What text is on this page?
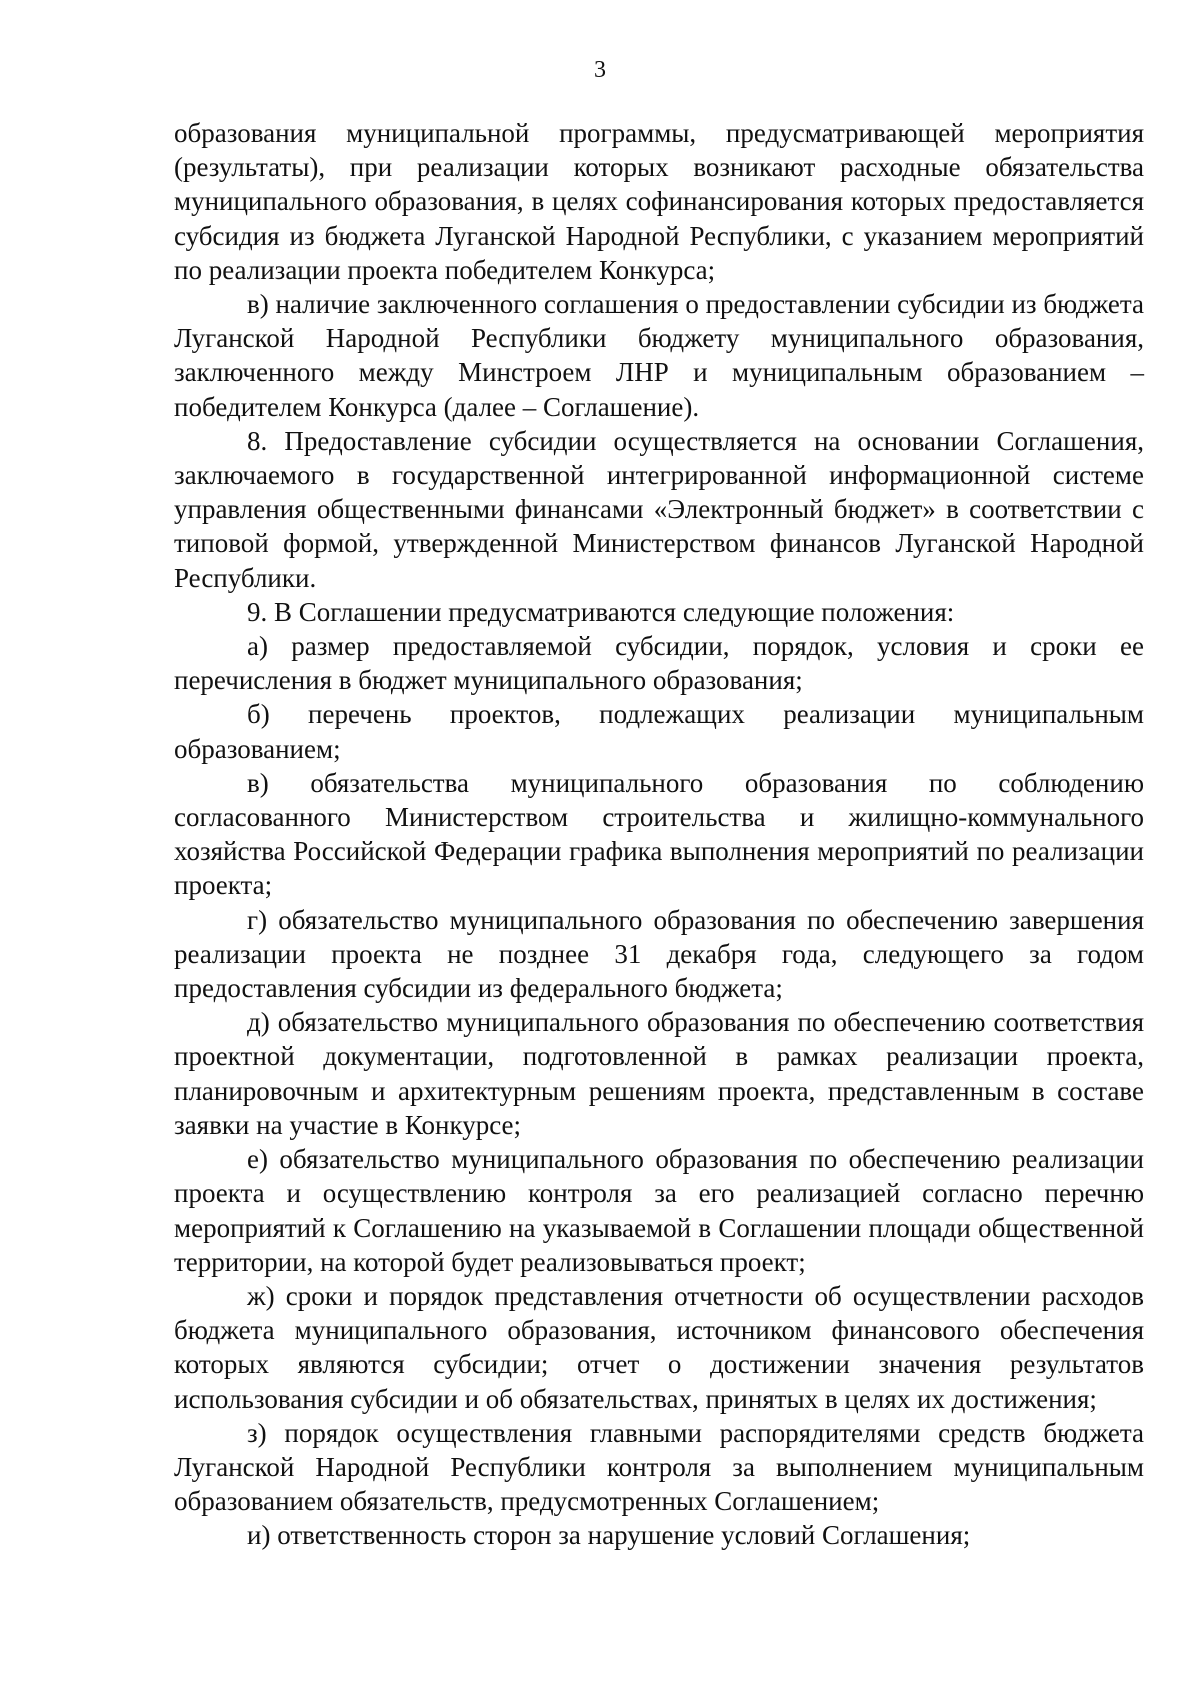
3

образования муниципальной программы, предусматривающей мероприятия (результаты), при реализации которых возникают расходные обязательства муниципального образования, в целях софинансирования которых предоставляется субсидия из бюджета Луганской Народной Республики, с указанием мероприятий по реализации проекта победителем Конкурса;

в) наличие заключенного соглашения о предоставлении субсидии из бюджета Луганской Народной Республики бюджету муниципального образования, заключенного между Минстроем ЛНР и муниципальным образованием – победителем Конкурса (далее – Соглашение).

8. Предоставление субсидии осуществляется на основании Соглашения, заключаемого в государственной интегрированной информационной системе управления общественными финансами «Электронный бюджет» в соответствии с типовой формой, утвержденной Министерством финансов Луганской Народной Республики.

9. В Соглашении предусматриваются следующие положения:

а) размер предоставляемой субсидии, порядок, условия и сроки ее перечисления в бюджет муниципального образования;

б) перечень проектов, подлежащих реализации муниципальным образованием;

в) обязательства муниципального образования по соблюдению согласованного Министерством строительства и жилищно-коммунального хозяйства Российской Федерации графика выполнения мероприятий по реализации проекта;

г) обязательство муниципального образования по обеспечению завершения реализации проекта не позднее 31 декабря года, следующего за годом предоставления субсидии из федерального бюджета;

д) обязательство муниципального образования по обеспечению соответствия проектной документации, подготовленной в рамках реализации проекта, планировочным и архитектурным решениям проекта, представленным в составе заявки на участие в Конкурсе;

е) обязательство муниципального образования по обеспечению реализации проекта и осуществлению контроля за его реализацией согласно перечню мероприятий к Соглашению на указываемой в Соглашении площади общественной территории, на которой будет реализовываться проект;

ж) сроки и порядок представления отчетности об осуществлении расходов бюджета муниципального образования, источником финансового обеспечения которых являются субсидии; отчет о достижении значения результатов использования субсидии и об обязательствах, принятых в целях их достижения;

з) порядок осуществления главными распорядителями средств бюджета Луганской Народной Республики контроля за выполнением муниципальным образованием обязательств, предусмотренных Соглашением;

и) ответственность сторон за нарушение условий Соглашения;
